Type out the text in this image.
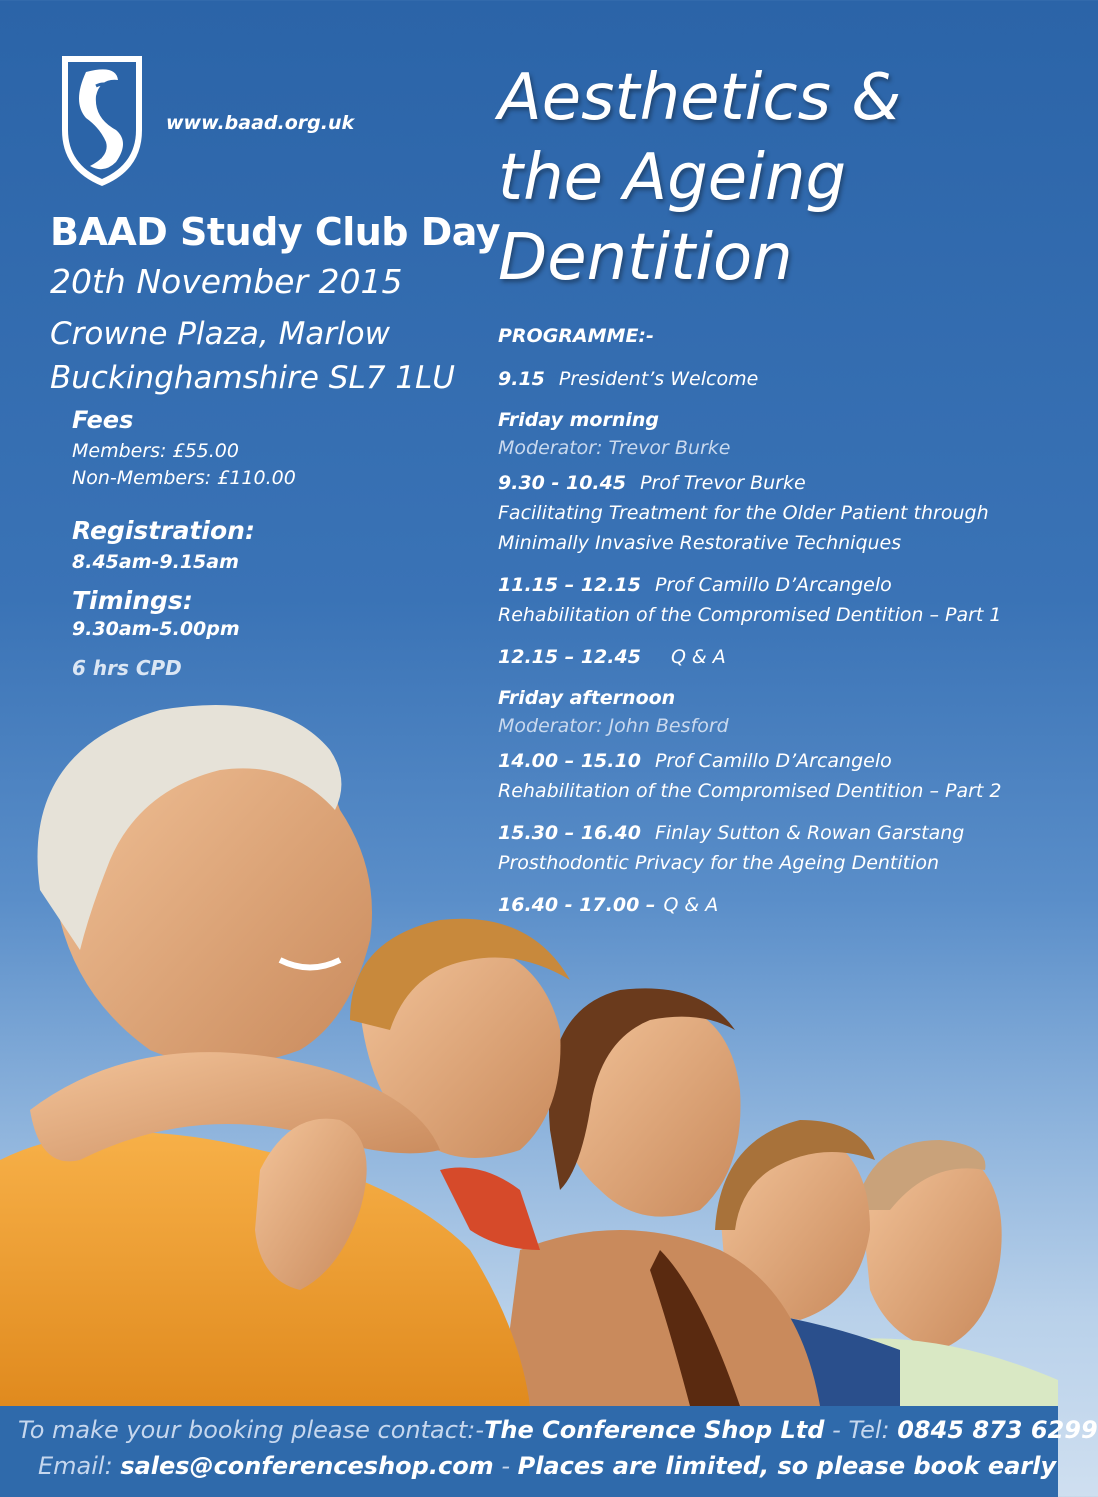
www.baad.org.uk
BAAD Study Club Day
20th November 2015
Crowne Plaza, Marlow
Buckinghamshire SL7 1LU
Fees
Members: £55.00
Non-Members: £110.00
Registration:
8.45am-9.15am
Timings:
9.30am-5.00pm
6 hrs CPD
Aesthetics &
the Ageing
Dentition
PROGRAMME:-
9.15 President’s Welcome
Friday morning
Moderator: Trevor Burke
9.30 - 10.45 Prof Trevor Burke
Facilitating Treatment for the Older Patient through
Minimally Invasive Restorative Techniques
11.15 – 12.15 Prof Camillo D’Arcangelo
Rehabilitation of the Compromised Dentition – Part 1
12.15 – 12.45 Q & A
Friday afternoon
Moderator: John Besford
14.00 – 15.10 Prof Camillo D’Arcangelo
Rehabilitation of the Compromised Dentition – Part 2
15.30 – 16.40 Finlay Sutton & Rowan Garstang
Prosthodontic Privacy for the Ageing Dentition
16.40 - 17.00 – Q & A
To make your booking please contact:-The Conference Shop Ltd - Tel: 0845 873 6299
Email: sales@conferenceshop.com - Places are limited, so please book early
